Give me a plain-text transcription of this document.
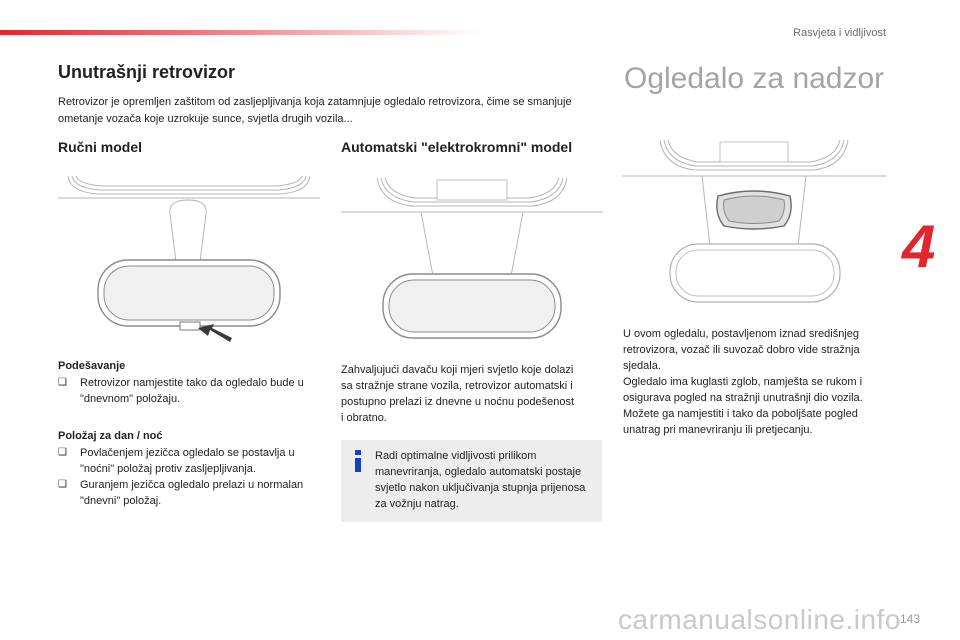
Rasvjeta i vidljivost
4
Unutrašnji retrovizor

Retrovizor je opremljen zaštitom od zasljepljivanja koja zatamnjuje ogledalo retrovizora, čime se smanjuje ometanje vozača koje uzrokuje sunce, svjetla drugih vozila...

Ručni model	Automatski "elektrokromni" model
Ogledalo za nadzor
Podešavanje
❑	Retrovizor namjestite tako da ogledalo bude u "dnevnom" položaju.
Položaj za dan / noć
❑	Povlačenjem jezičca ogledalo se postavlja u "noćni" položaj protiv zasljepljivanja.
❑	Guranjem jezičca ogledalo prelazi u normalan "dnevni" položaj.

Zahvaljujući davaču koji mjeri svjetlo koje dolazi sa stražnje strane vozila, retrovizor automatski i postupno prelazi iz dnevne u noćnu podešenost i obratno.

Radi optimalne vidljivosti prilikom manevriranja, ogledalo automatski postaje svjetlo nakon uključivanja stupnja prijenosa za vožnju natrag.

U ovom ogledalu, postavljenom iznad središnjeg retrovizora, vozač ili suvozač dobro vide stražnja sjedala.
Ogledalo ima kuglasti zglob, namješta se rukom i osigurava pogled na stražnji unutrašnji dio vozila.
Možete ga namjestiti i tako da poboljšate pogled unatrag pri manevriranju ili pretjecanju.

carmanualsonline.info 143
